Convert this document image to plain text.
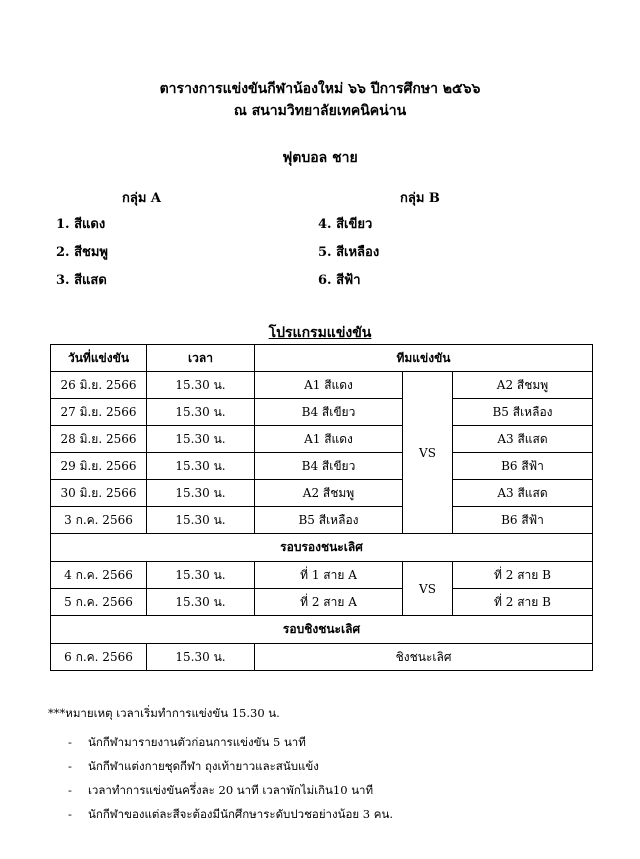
ตารางการแข่งขันกีฬาน้องใหม่ ๖๖ ปีการศึกษา ๒๕๖๖
ณ สนามวิทยาลัยเทคนิคน่าน
ฟุตบอล ชาย
กลุ่ม A	กลุ่ม B
1. สีแดง
2. สีชมพู
3. สีแสด
4. สีเขียว
5. สีเหลือง
6. สีฟ้า
โปรแกรมแข่งขัน
วันที่แข่งขัน	เวลา	ทีมแข่งขัน		
26 มิ.ย. 2566	15.30 น.	A1 สีแดง	VS	A2 สีชมพู
27 มิ.ย. 2566	15.30 น.	B4 สีเขียว		B5 สีเหลือง
28 มิ.ย. 2566	15.30 น.	A1 สีแดง		A3 สีแสด
29 มิ.ย. 2566	15.30 น.	B4 สีเขียว		B6 สีฟ้า
30 มิ.ย. 2566	15.30 น.	A2 สีชมพู		A3 สีแสด
3 ก.ค. 2566	15.30 น.	B5 สีเหลือง		B6 สีฟ้า
รอบรองชนะเลิศ				
4 ก.ค. 2566	15.30 น.	ที่ 1 สาย A	VS	ที่ 2 สาย B
5 ก.ค. 2566	15.30 น.	ที่ 2 สาย A		ที่ 2 สาย B
รอบชิงชนะเลิศ				
6 ก.ค. 2566	15.30 น.	ชิงชนะเลิศ		
***หมายเหตุ เวลาเริ่มทำการแข่งขัน 15.30 น.
- นักกีฬามารายงานตัวก่อนการแข่งขัน 5 นาที
- นักกีฬาแต่งกายชุดกีฬา ถุงเท้ายาวและสนับแข้ง
- เวลาทำการแข่งขันครึ่งละ 20 นาที เวลาพักไม่เกิน10 นาที
- นักกีฬาของแต่ละสีจะต้องมีนักศึกษาระดับปวชอย่างน้อย 3 คน.
